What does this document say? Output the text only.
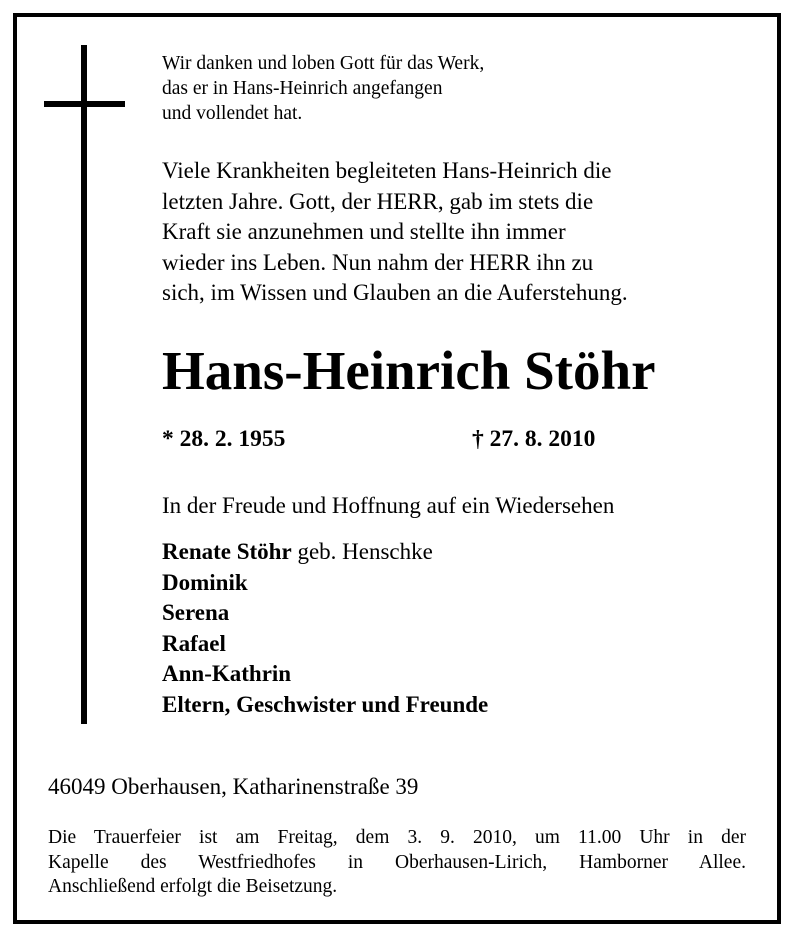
Wir danken und loben Gott für das Werk,
das er in Hans-Heinrich angefangen
und vollendet hat.
Viele Krankheiten begleiteten Hans-Heinrich die
letzten Jahre. Gott, der HERR, gab im stets die
Kraft sie anzunehmen und stellte ihn immer
wieder ins Leben. Nun nahm der HERR ihn zu
sich, im Wissen und Glauben an die Auferstehung.
Hans-Heinrich Stöhr
* 28. 2. 1955	† 27. 8. 2010
In der Freude und Hoffnung auf ein Wiedersehen
Renate Stöhr geb. Henschke
Dominik
Serena
Rafael
Ann-Kathrin
Eltern, Geschwister und Freunde
46049 Oberhausen, Katharinenstraße 39
Die Trauerfeier ist am Freitag, dem 3. 9. 2010, um 11.00 Uhr in der
Kapelle des Westfriedhofes in Oberhausen-Lirich, Hamborner Allee.
Anschließend erfolgt die Beisetzung.
